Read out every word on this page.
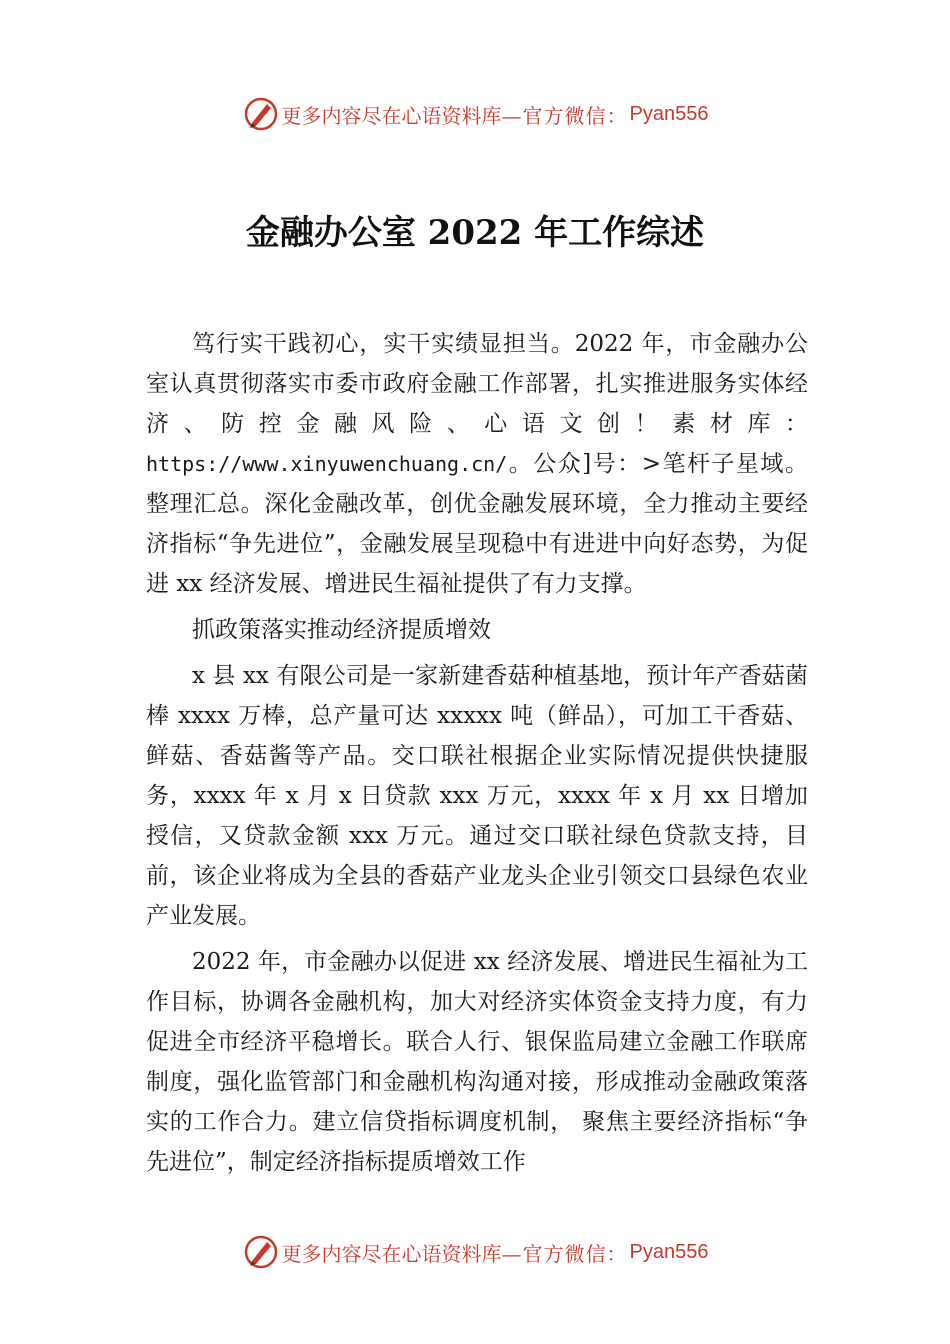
更多内容尽在心语资料库 —官方微信： Pyan556
金融办公室 2022 年工作综述

笃行实干践初心，实干实绩显担当。2022 年，市金融办公室认真贯彻落实市委市政府金融工作部署，扎实推进服务实体经济、防控金融风险、心语文创！素材库：https://www.xinyuwenchuang.cn/。公众]号：>笔杆子星域。整理汇总。深化金融改革，创优金融发展环境，全力推动主要经济指标“争先进位”，金融发展呈现稳中有进进中向好态势，为促进 xx 经济发展、增进民生福祉提供了有力支撑。

抓政策落实推动经济提质增效

x 县 xx 有限公司是一家新建香菇种植基地，预计年产香菇菌棒 xxxx 万棒，总产量可达 xxxxx 吨（鲜品），可加工干香菇、鲜菇、香菇酱等产品。交口联社根据企业实际情况提供快捷服务，xxxx 年 x 月 x 日贷款 xxx 万元，xxxx 年 x 月 xx 日增加授信，又贷款金额 xxx 万元。通过交口联社绿色贷款支持，目前，该企业将成为全县的香菇产业龙头企业引领交口县绿色农业产业发展。

2022 年，市金融办以促进 xx 经济发展、增进民生福祉为工作目标，协调各金融机构，加大对经济实体资金支持力度，有力促进全市经济平稳增长。联合人行、银保监局建立金融工作联席制度，强化监管部门和金融机构沟通对接，形成推动金融政策落实的工作合力。建立信贷指标调度机制， 聚焦主要经济指标“争先进位”，制定经济指标提质增效工作

更多内容尽在心语资料库 —官方微信： Pyan556
